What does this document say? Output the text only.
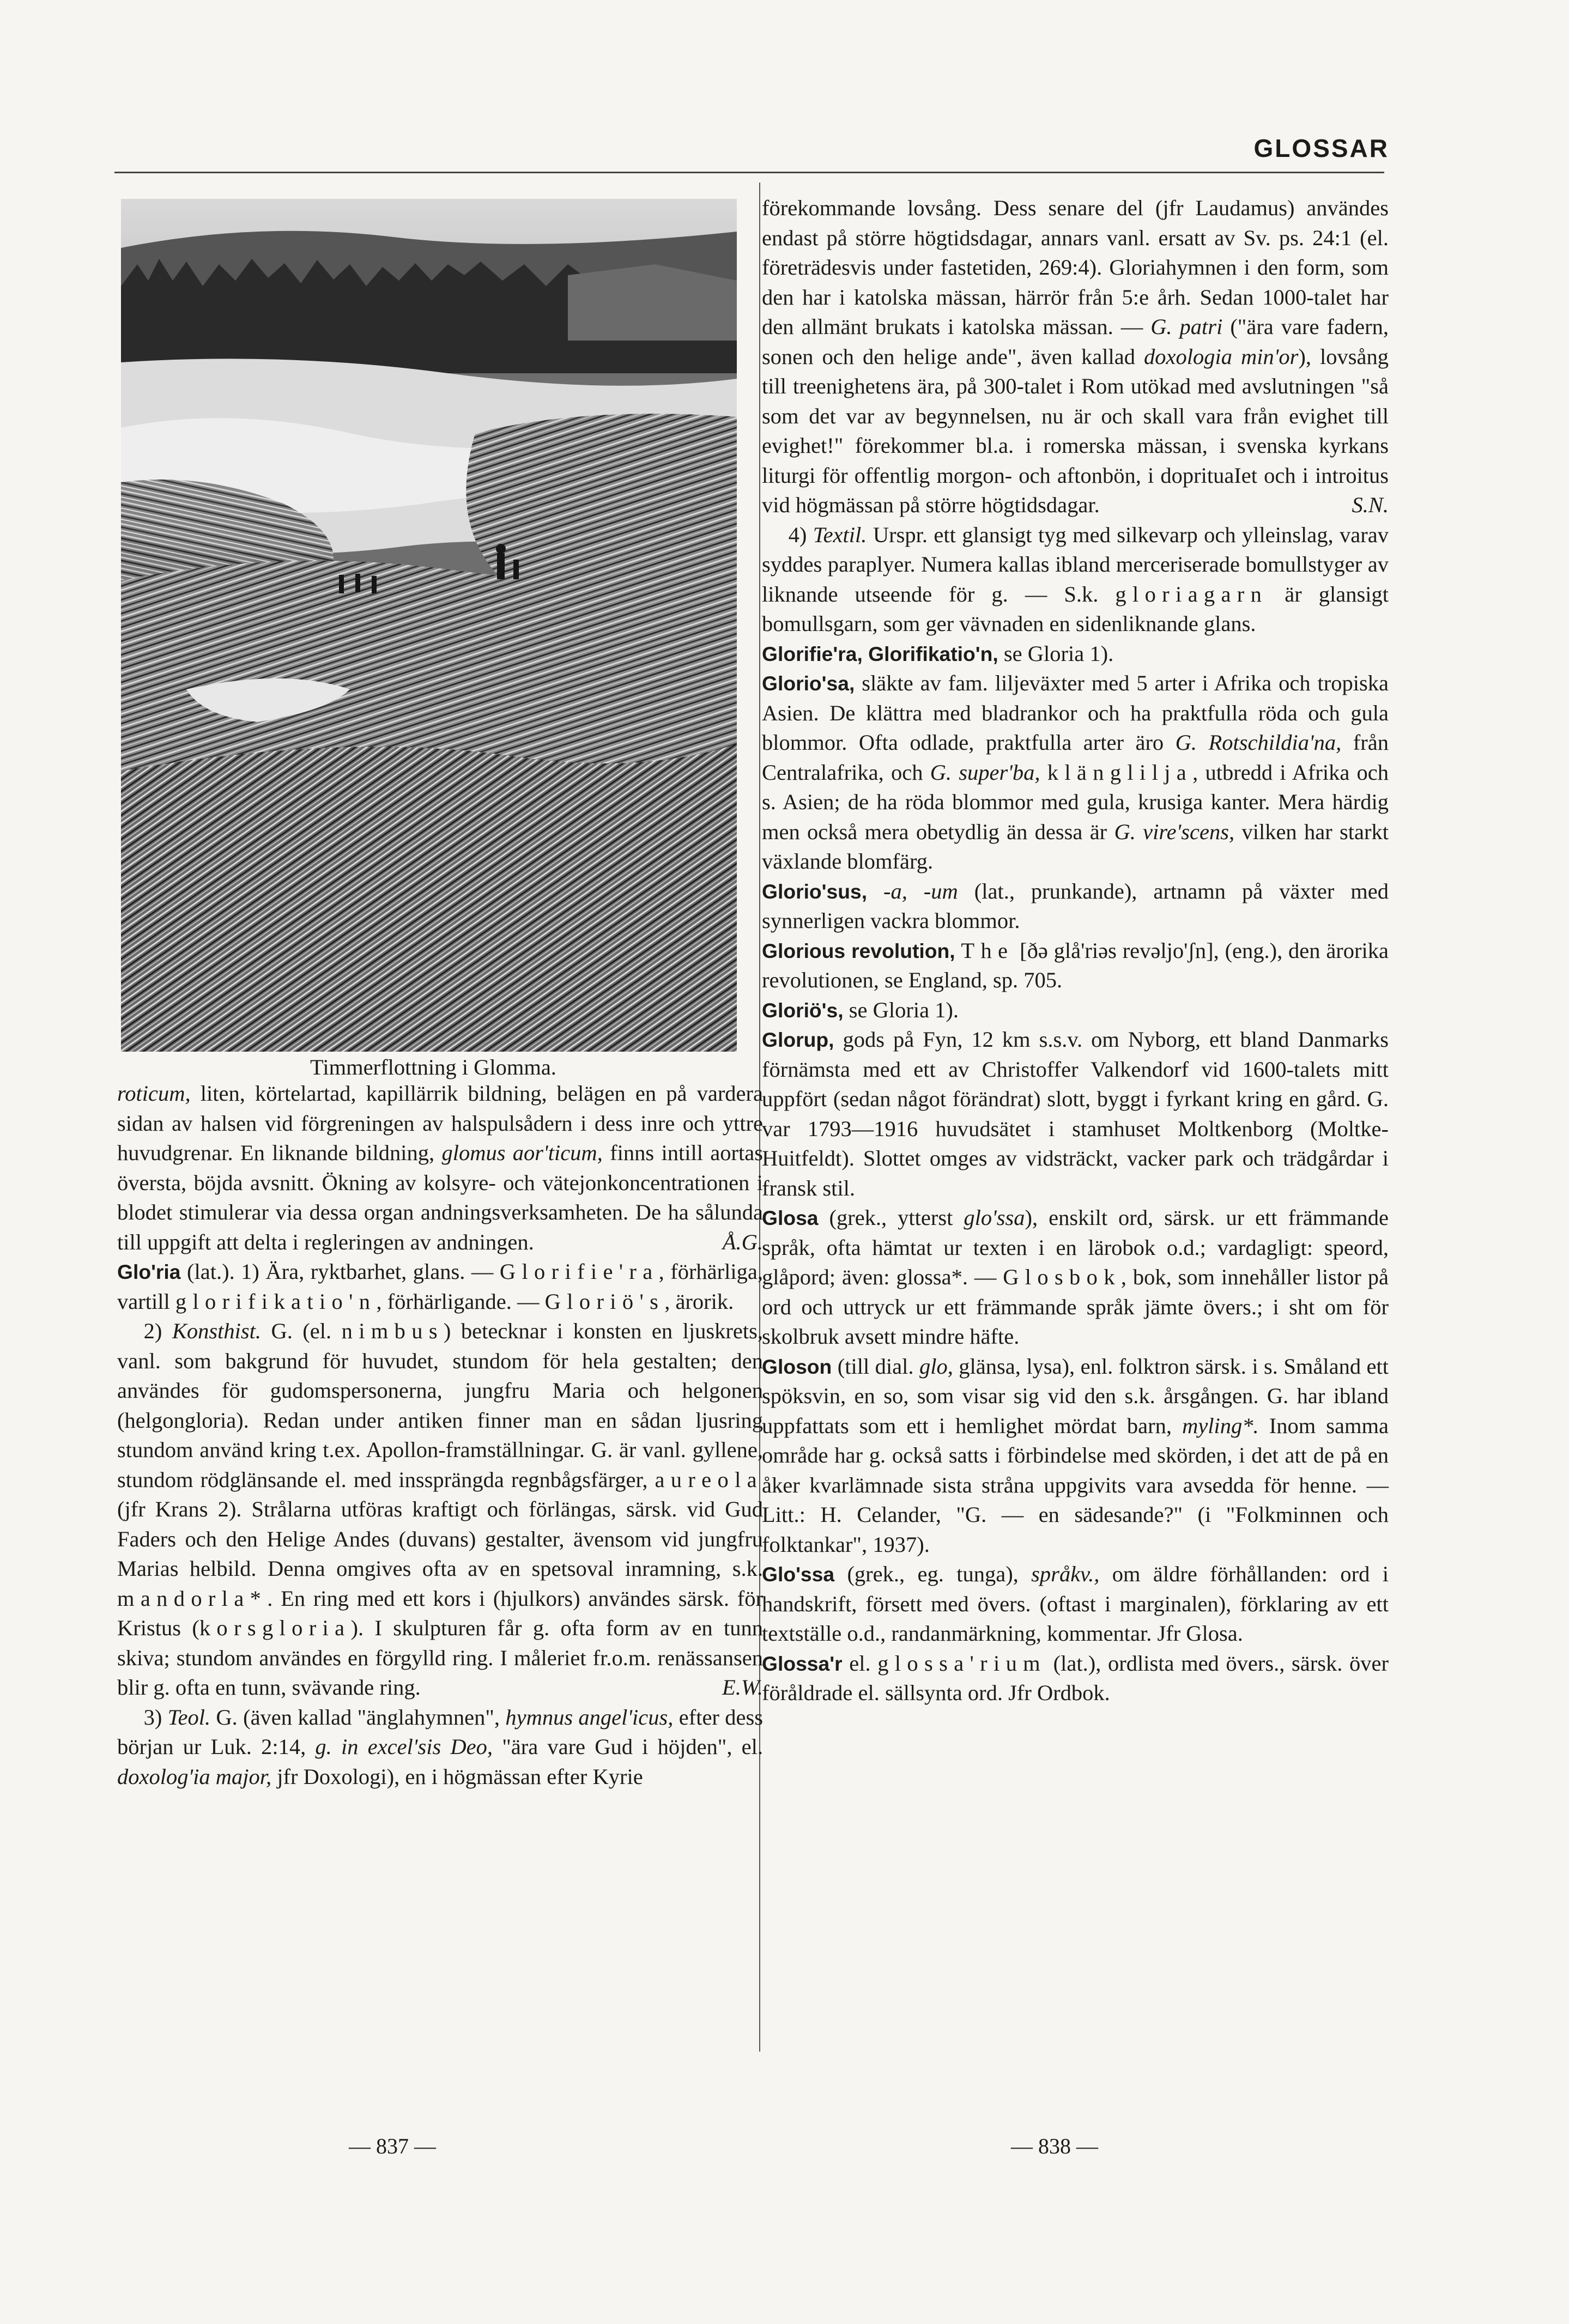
GLOSSAR
Timmerflottning i Glomma.

roticum, liten, körtelartad, kapillärrik bildning, belägen en på vardera sidan av halsen vid förgreningen av halspulsådern i dess inre och yttre huvudgrenar. En liknande bildning, glomus aor'ticum, finns intill aortas översta, böjda avsnitt. Ökning av kolsyre- och vätejonkoncentrationen i blodet stimulerar via dessa organ andningsverksamheten. De ha sålunda till uppgift att delta i regleringen av andningen.	Å.G.

Glo'ria (lat.). 1) Ära, ryktbarhet, glans. — Glorifie'ra, förhärliga, vartill glorifikatio'n, förhärligande. — Gloriö's, ärorik.

2) Konsthist. G. (el. nimbus) betecknar i konsten en ljuskrets, vanl. som bakgrund för huvudet, stundom för hela gestalten; den användes för gudomspersonerna, jungfru Maria och helgonen (helgongloria). Redan under antiken finner man en sådan ljusring stundom använd kring t.ex. Apollon-framställningar. G. är vanl. gyllene, stundom rödglänsande el. med inssprängda regnbågsfärger, aureola (jfr Krans 2). Strålarna utföras kraftigt och förlängas, särsk. vid Gud Faders och den Helige Andes (duvans) gestalter, ävensom vid jungfru Marias helbild. Denna omgives ofta av en spetsoval inramning, s.k. mandorla*. En ring med ett kors i (hjulkors) användes särsk. för Kristus (korsgloria). I skulpturen får g. ofta form av en tunn skiva; stundom användes en förgylld ring. I måleriet fr.o.m. renässansen blir g. ofta en tunn, svävande ring.	E.W.

3) Teol. G. (även kallad "änglahymnen", hymnus angel'icus, efter dess början ur Luk. 2:14, g. in excel'sis Deo, "ära vare Gud i höjden", el. doxolog'ia major, jfr Doxologi), en i högmässan efter Kyrie

förekommande lovsång. Dess senare del (jfr Laudamus) användes endast på större högtidsdagar, annars vanl. ersatt av Sv. ps. 24:1 (el. företrädesvis under fastetiden, 269:4). Gloriahymnen i den form, som den har i katolska mässan, härrör från 5:e årh. Sedan 1000-talet har den allmänt brukats i katolska mässan. — G. patri ("ära vare fadern, sonen och den helige ande", även kallad doxologia min'or), lovsång till treenighetens ära, på 300-talet i Rom utökad med avslutningen "så som det var av begynnelsen, nu är och skall vara från evighet till evighet!" förekommer bl.a. i romerska mässan, i svenska kyrkans liturgi för offentlig morgon- och aftonbön, i doprituaIet och i introitus vid högmässan på större högtidsdagar.	S.N.

4) Textil. Urspr. ett glansigt tyg med silkevarp och ylleinslag, varav syddes paraplyer. Numera kallas ibland merceriserade bomullstyger av liknande utseende för g. — S.k. gloriagarn är glansigt bomullsgarn, som ger vävnaden en sidenliknande glans.

Glorifie'ra, Glorifikatio'n, se Gloria 1).

Glorio'sa, släkte av fam. liljeväxter med 5 arter i Afrika och tropiska Asien. De klättra med bladrankor och ha praktfulla röda och gula blommor. Ofta odlade, praktfulla arter äro G. Rotschildia'na, från Centralafrika, och G. super'ba, klänglilja, utbredd i Afrika och s. Asien; de ha röda blommor med gula, krusiga kanter. Mera härdig men också mera obetydlig än dessa är G. vire'scens, vilken har starkt växlande blomfärg.

Glorio'sus, -a, -um (lat., prunkande), artnamn på växter med synnerligen vackra blommor.

Glorious revolution, The [ðə glå'riəs revəljo'ʃn], (eng.), den ärorika revolutionen, se England, sp. 705.

Gloriö's, se Gloria 1).

Glorup, gods på Fyn, 12 km s.s.v. om Nyborg, ett bland Danmarks förnämsta med ett av Christoffer Valkendorf vid 1600-talets mitt uppfört (sedan något förändrat) slott, byggt i fyrkant kring en gård. G. var 1793—1916 huvudsätet i stamhuset Moltkenborg (Moltke-Huitfeldt). Slottet omges av vidsträckt, vacker park och trädgårdar i fransk stil.

Glosa (grek., ytterst glo'ssa), enskilt ord, särsk. ur ett främmande språk, ofta hämtat ur texten i en lärobok o.d.; vardagligt: speord, glåpord; även: glossa*. — Glosbok, bok, som innehåller listor på ord och uttryck ur ett främmande språk jämte övers.; i sht om för skolbruk avsett mindre häfte.

Gloson (till dial. glo, glänsa, lysa), enl. folktron särsk. i s. Småland ett spöksvin, en so, som visar sig vid den s.k. årsgången. G. har ibland uppfattats som ett i hemlighet mördat barn, myling*. Inom samma område har g. också satts i förbindelse med skörden, i det att de på en åker kvarlämnade sista stråna uppgivits vara avsedda för henne. — Litt.: H. Celander, "G. — en sädesande?" (i "Folkminnen och folktankar", 1937).

Glo'ssa (grek., eg. tunga), språkv., om äldre förhållanden: ord i handskrift, försett med övers. (oftast i marginalen), förklaring av ett textställe o.d., randanmärkning, kommentar. Jfr Glosa.

Glossa'r el. glossa'rium (lat.), ordlista med övers., särsk. över föråldrade el. sällsynta ord. Jfr Ordbok.

— 837 —	— 838 —
